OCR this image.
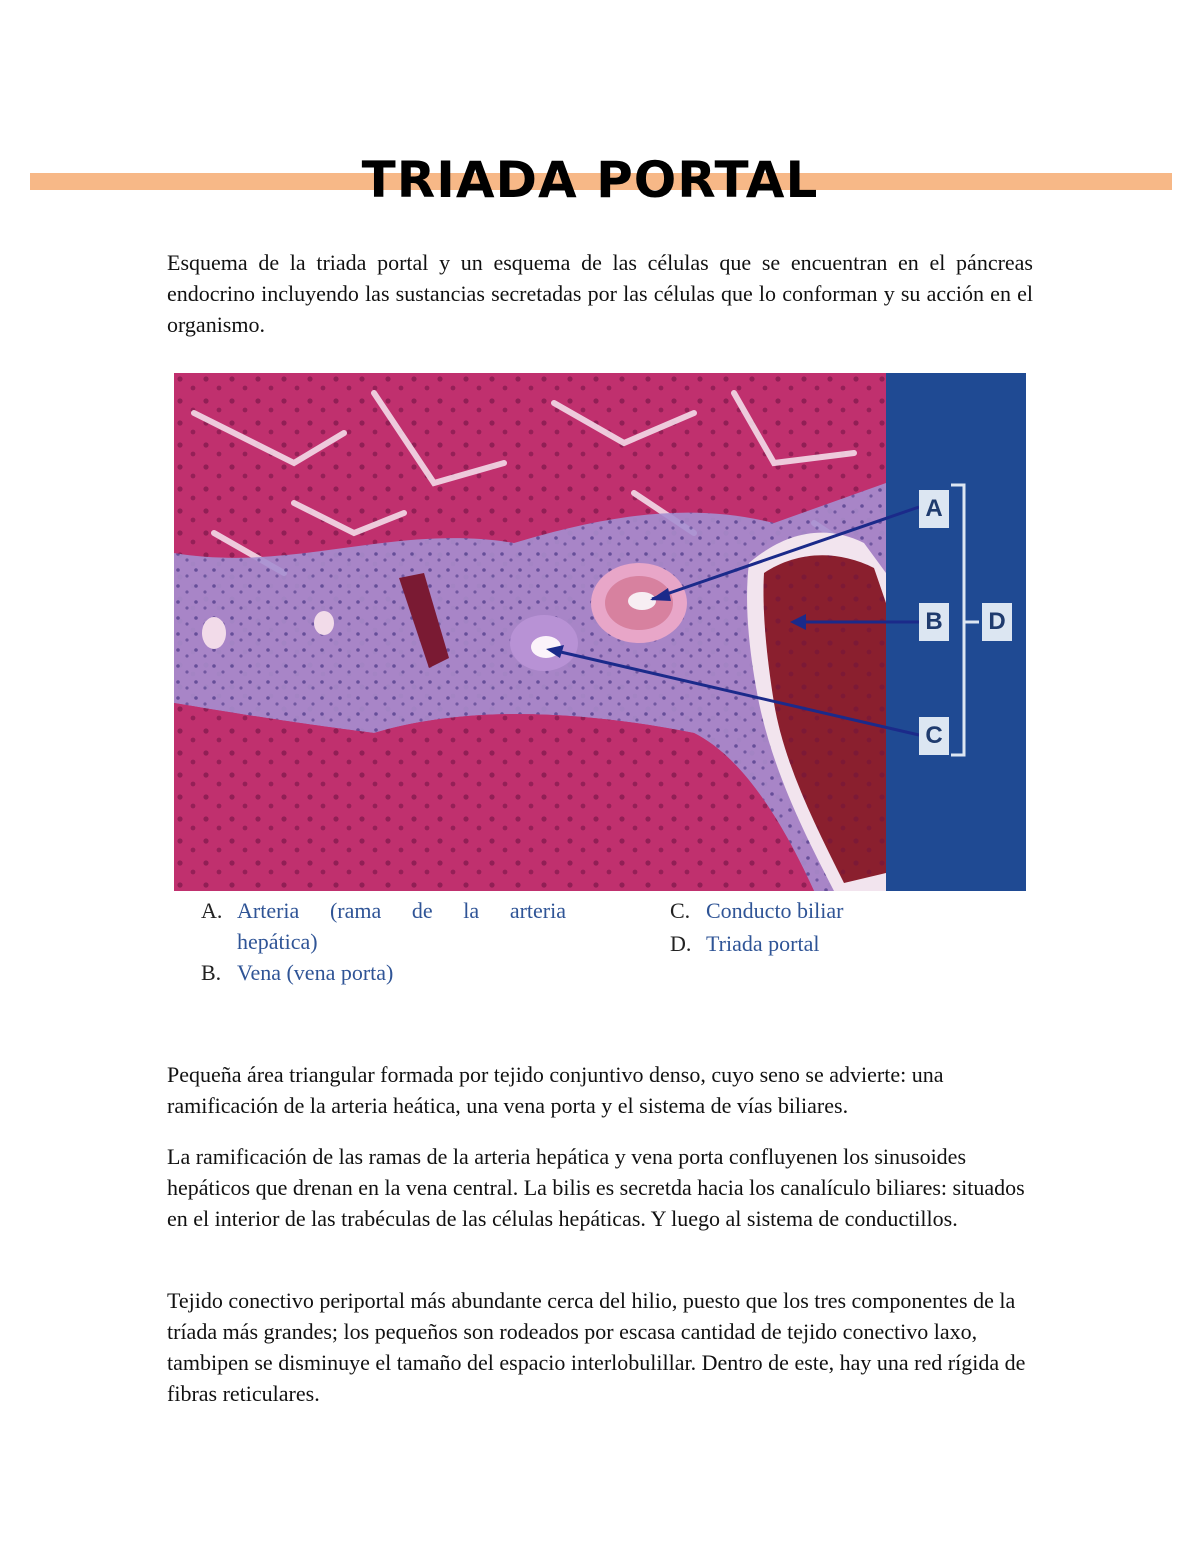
TRIADA PORTAL

Esquema de la triada portal y un esquema de las células que se encuentran en el páncreas endocrino incluyendo las sustancias secretadas por las células que lo conforman y su acción en el organismo.

A
B
C
D
A. Arteria (rama de la arteria
hepática)
B. Vena (vena porta)
C. Conducto biliar
D. Triada portal

Pequeña área triangular formada por tejido conjuntivo denso, cuyo seno se advierte: una ramificación de la arteria heática, una vena porta y el sistema de vías biliares.

La ramificación de las ramas de la arteria hepática y vena porta confluyenen los sinusoides hepáticos que drenan en la vena central. La bilis es secretda hacia los canalículo biliares: situados en el interior de las trabéculas de las células hepáticas. Y luego al sistema de conductillos.

Tejido conectivo periportal más abundante cerca del hilio, puesto que los tres componentes de la tríada más grandes; los pequeños son rodeados por escasa cantidad de tejido conectivo laxo, tambipen se disminuye el tamaño del espacio interlobulillar. Dentro de este, hay una red rígida de fibras reticulares.
